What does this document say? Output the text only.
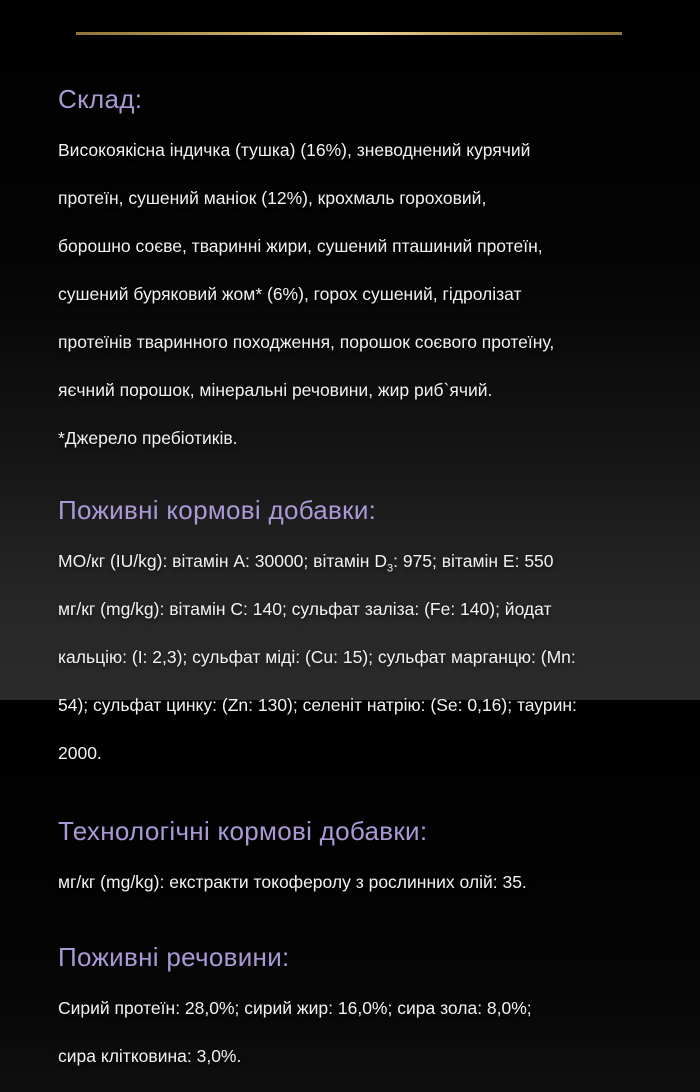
Склад:

Високоякісна індичка (тушка) (16%), зневоднений курячий

протеїн, сушений маніок (12%), крохмаль гороховий,

борошно соєве, тваринні жири, сушений пташиний протеїн,

сушений буряковий жом* (6%), горох сушений, гідролізат

протеїнів тваринного походження, порошок соєвого протеїну,

яєчний порошок, мінеральні речовини, жир риб`ячий.

*Джерело пребіотиків.

Поживні кормові добавки:

МО/кг (IU/kg): вітамін А: 30000; вітамін $D_3$: 975; вітамін Е: 550

мг/кг (mg/kg): вітамін С: 140; сульфат заліза: (Fe: 140); йодат

кальцію: (I: 2,3); сульфат міді: (Cu: 15); сульфат марганцю: (Mn:

54); сульфат цинку: (Zn: 130); селеніт натрію: (Se: 0,16); таурин:

2000.

Технологічні кормові добавки:

мг/кг (mg/kg): екстракти токоферолу з рослинних олій: 35.

Поживні речовини:

Сирий протеїн: 28,0%; сирий жир: 16,0%; сира зола: 8,0%;

сира клітковина: 3,0%.
